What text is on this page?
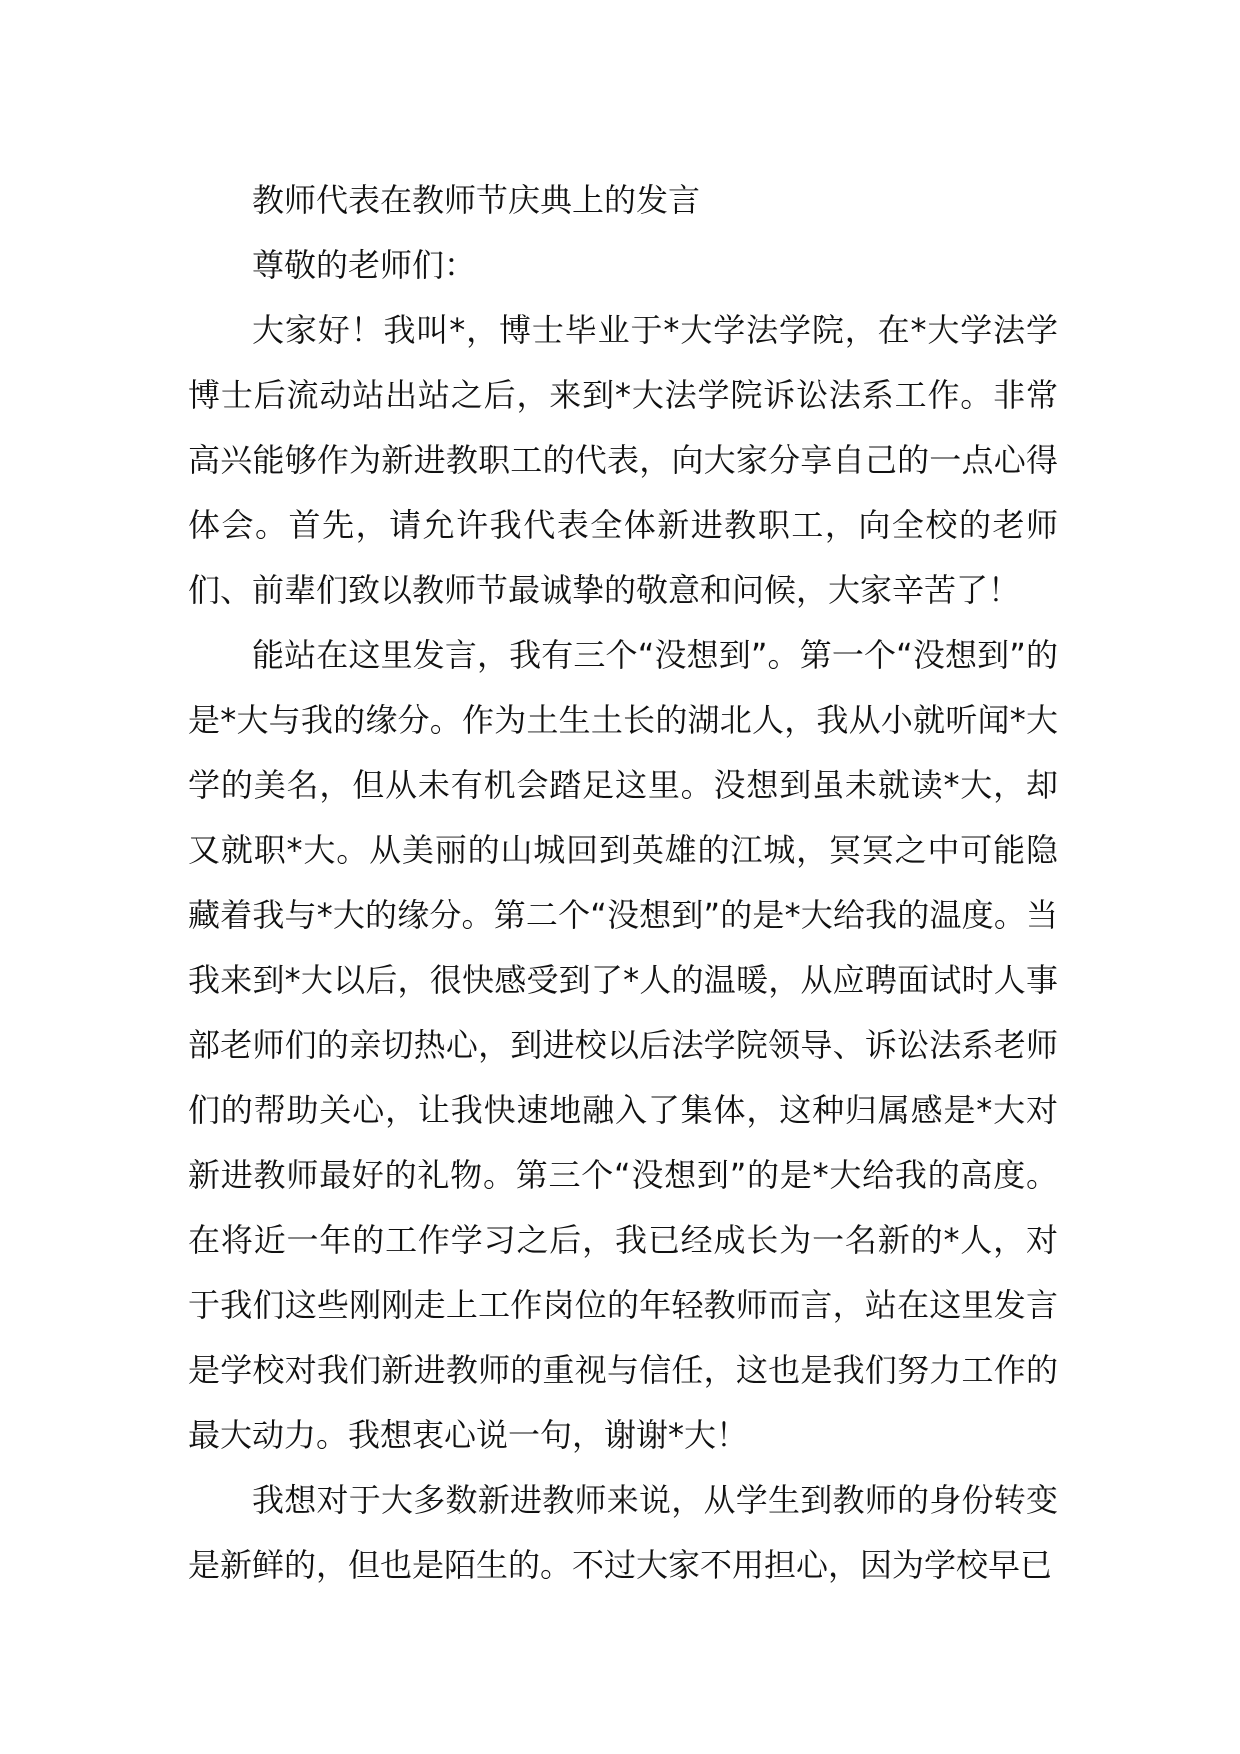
教师代表在教师节庆典上的发言

尊敬的老师们：

大家好！我叫*，博士毕业于*大学法学院，在*大学法学博士后流动站出站之后，来到*大法学院诉讼法系工作。非常高兴能够作为新进教职工的代表，向大家分享自己的一点心得体会。首先，请允许我代表全体新进教职工，向全校的老师们、前辈们致以教师节最诚挚的敬意和问候，大家辛苦了！

能站在这里发言，我有三个“没想到”。第一个“没想到”的是*大与我的缘分。作为土生土长的湖北人，我从小就听闻*大学的美名，但从未有机会踏足这里。没想到虽未就读*大，却又就职*大。从美丽的山城回到英雄的江城，冥冥之中可能隐藏着我与*大的缘分。第二个“没想到”的是*大给我的温度。当我来到*大以后，很快感受到了*人的温暖，从应聘面试时人事部老师们的亲切热心，到进校以后法学院领导、诉讼法系老师们的帮助关心，让我快速地融入了集体，这种归属感是*大对新进教师最好的礼物。第三个“没想到”的是*大给我的高度。在将近一年的工作学习之后，我已经成长为一名新的*人，对于我们这些刚刚走上工作岗位的年轻教师而言，站在这里发言是学校对我们新进教师的重视与信任，这也是我们努力工作的最大动力。我想衷心说一句，谢谢*大！

我想对于大多数新进教师来说，从学生到教师的身份转变是新鲜的，但也是陌生的。不过大家不用担心，因为学校早已
